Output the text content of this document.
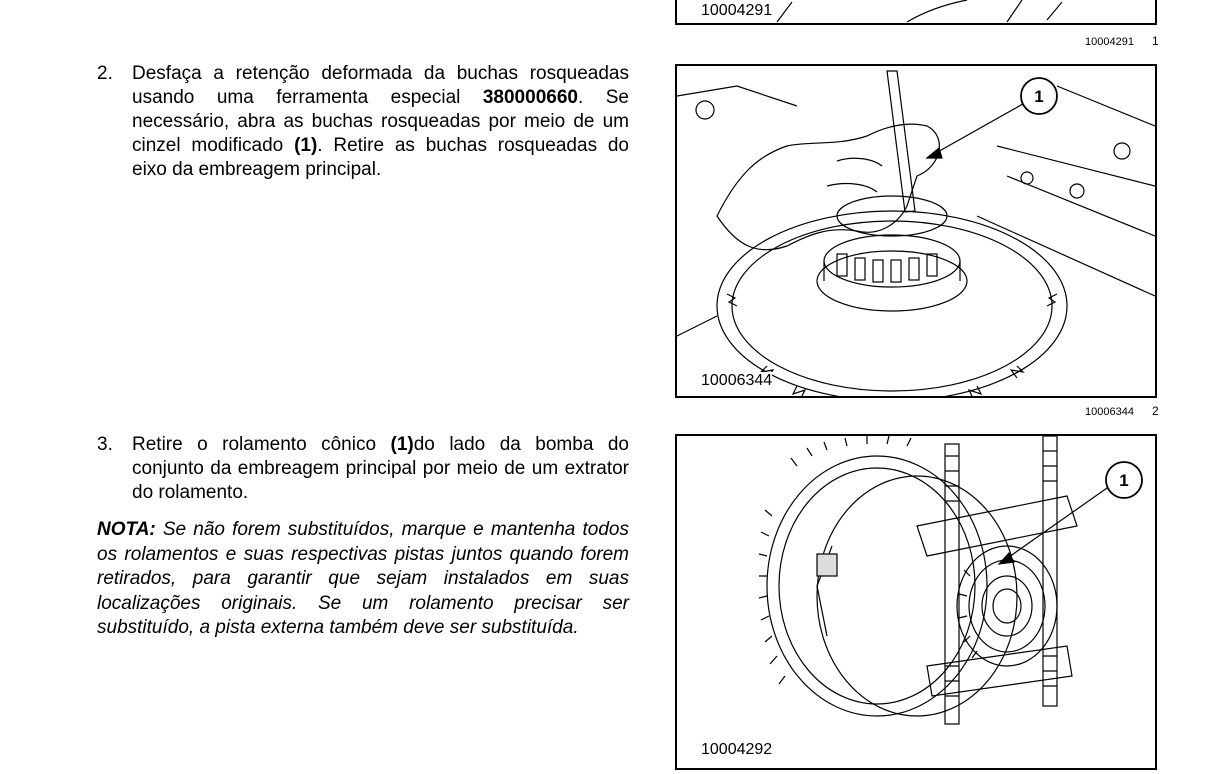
10004291
10004291 1
2.	Desfaça a retenção deformada da buchas rosqueadas usando uma ferramenta especial 380000660. Se necessário, abra as buchas rosqueadas por meio de um cinzel modificado (1). Retire as buchas rosqueadas do eixo da embreagem principal.
1
10006344
10006344 2
3.	Retire o rolamento cônico (1)do lado da bomba do conjunto da embreagem principal por meio de um extrator do rolamento.
NOTA: Se não forem substituídos, marque e mantenha todos os rolamentos e suas respectivas pistas juntos quando forem retirados, para garantir que sejam instalados em suas localizações originais. Se um rolamento precisar ser substituído, a pista externa também deve ser substituída.
1
10004292
